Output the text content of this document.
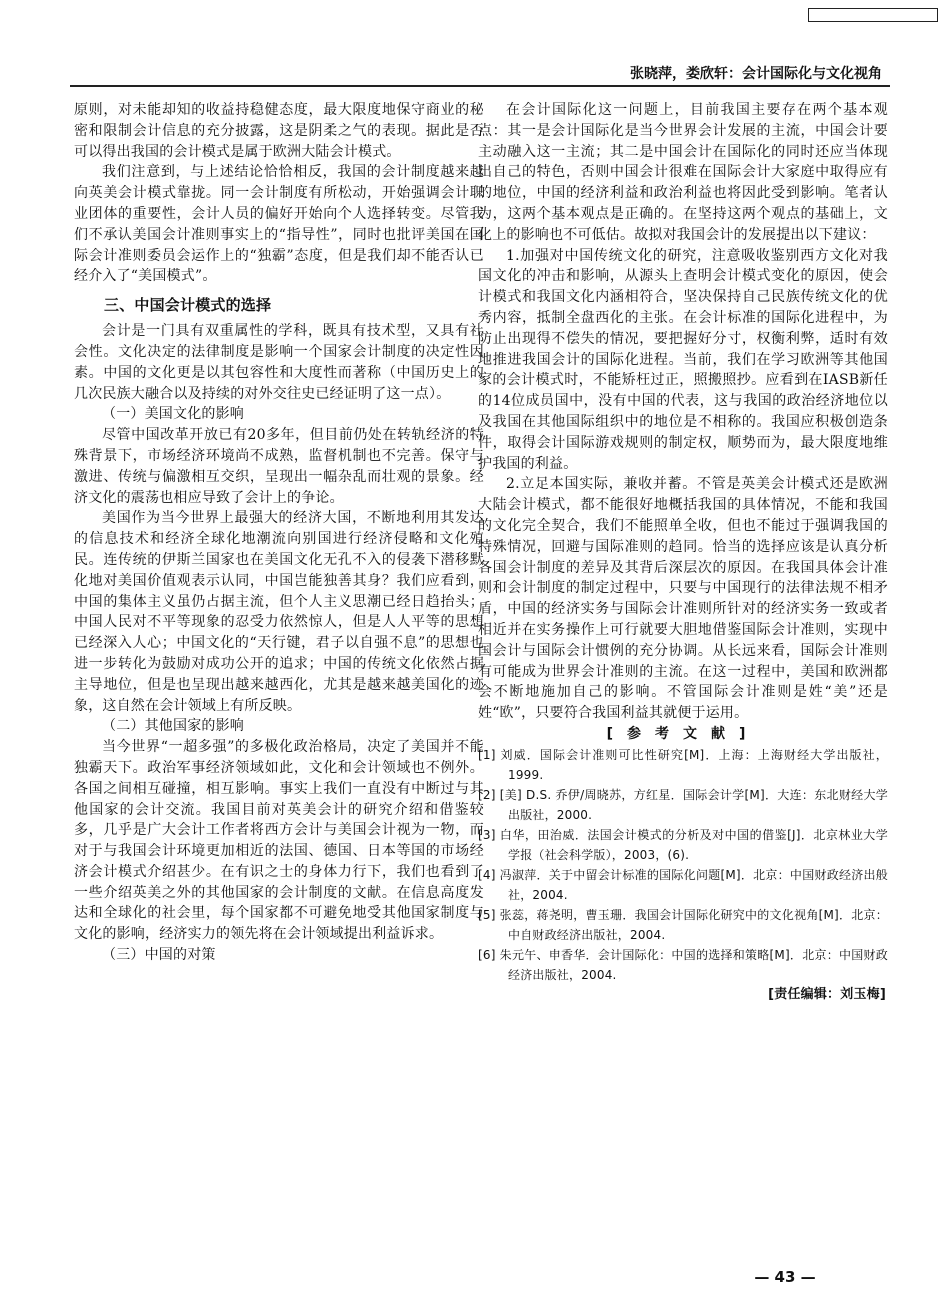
张晓萍，娄欣轩：会计国际化与文化视角

原则，对未能却知的收益持稳健态度，最大限度地保守商业的秘密和限制会计信息的充分披露，这是阴柔之气的表现。据此是否可以得出我国的会计模式是属于欧洲大陆会计模式。

我们注意到，与上述结论恰恰相反，我国的会计制度越来越向英美会计模式靠拢。同一会计制度有所松动，开始强调会计职业团体的重要性，会计人员的偏好开始向个人选择转变。尽管我们不承认美国会计准则事实上的“指导性”，同时也批评美国在国际会计准则委员会运作上的“独霸”态度，但是我们却不能否认已经介入了“美国模式”。

三、中国会计模式的选择

会计是一门具有双重属性的学科，既具有技术型，又具有社会性。文化决定的法律制度是影响一个国家会计制度的决定性因素。中国的文化更是以其包容性和大度性而著称（中国历史上的几次民族大融合以及持续的对外交往史已经证明了这一点）。

（一）美国文化的影响

尽管中国改革开放已有20多年，但目前仍处在转轨经济的特殊背景下，市场经济环境尚不成熟，监督机制也不完善。保守与激进、传统与偏激相互交织，呈现出一幅杂乱而壮观的景象。经济文化的震荡也相应导致了会计上的争论。

美国作为当今世界上最强大的经济大国，不断地利用其发达的信息技术和经济全球化地潮流向别国进行经济侵略和文化殖民。连传统的伊斯兰国家也在美国文化无孔不入的侵袭下潜移默化地对美国价值观表示认同，中国岂能独善其身？我们应看到，中国的集体主义虽仍占据主流，但个人主义思潮已经日趋抬头；中国人民对不平等现象的忍受力依然惊人，但是人人平等的思想已经深入人心；中国文化的“天行键，君子以自强不息”的思想也进一步转化为鼓励对成功公开的追求；中国的传统文化依然占据主导地位，但是也呈现出越来越西化，尤其是越来越美国化的迹象，这自然在会计领域上有所反映。

（二）其他国家的影响

当今世界“一超多强”的多极化政治格局，决定了美国并不能独霸天下。政治军事经济领域如此，文化和会计领域也不例外。各国之间相互碰撞，相互影响。事实上我们一直没有中断过与其他国家的会计交流。我国目前对英美会计的研究介绍和借鉴较多，几乎是广大会计工作者将西方会计与美国会计视为一物，而对于与我国会计环境更加相近的法国、德国、日本等国的市场经济会计模式介绍甚少。在有识之士的身体力行下，我们也看到了一些介绍英美之外的其他国家的会计制度的文献。在信息高度发达和全球化的社会里，每个国家都不可避免地受其他国家制度与文化的影响，经济实力的领先将在会计领域提出利益诉求。

（三）中国的对策

在会计国际化这一问题上，目前我国主要存在两个基本观点：其一是会计国际化是当今世界会计发展的主流，中国会计要主动融入这一主流；其二是中国会计在国际化的同时还应当体现出自己的特色，否则中国会计很难在国际会计大家庭中取得应有的地位，中国的经济利益和政治利益也将因此受到影响。笔者认为，这两个基本观点是正确的。在坚持这两个观点的基础上，文化上的影响也不可低估。故拟对我国会计的发展提出以下建议：

1.加强对中国传统文化的研究，注意吸收鉴别西方文化对我国文化的冲击和影响，从源头上查明会计模式变化的原因，使会计模式和我国文化内涵相符合，坚决保持自己民族传统文化的优秀内容，抵制全盘西化的主张。在会计标准的国际化进程中，为防止出现得不偿失的情况，要把握好分寸，权衡利弊，适时有效地推进我国会计的国际化进程。当前，我们在学习欧洲等其他国家的会计模式时，不能矫枉过正，照搬照抄。应看到在IASB新任的14位成员国中，没有中国的代表，这与我国的政治经济地位以及我国在其他国际组织中的地位是不相称的。我国应积极创造条件，取得会计国际游戏规则的制定权，顺势而为，最大限度地维护我国的利益。

2.立足本国实际，兼收并蓄。不管是英美会计模式还是欧洲大陆会计模式，都不能很好地概括我国的具体情况，不能和我国的文化完全契合，我们不能照单全收，但也不能过于强调我国的特殊情况，回避与国际准则的趋同。恰当的选择应该是认真分析各国会计制度的差异及其背后深层次的原因。在我国具体会计准则和会计制度的制定过程中，只要与中国现行的法律法规不相矛盾，中国的经济实务与国际会计准则所针对的经济实务一致或者相近并在实务操作上可行就要大胆地借鉴国际会计准则，实现中国会计与国际会计惯例的充分协调。从长远来看，国际会计准则有可能成为世界会计准则的主流。在这一过程中，美国和欧洲都会不断地施加自己的影响。不管国际会计准则是姓“美”还是姓“欧”，只要符合我国利益其就便于运用。

[参考文献]

[1] 刘威．国际会计准则可比性研究[M]．上海：上海财经大学出版社，1999.

[2] [美] D.S. 乔伊/周晓苏，方红星．国际会计学[M]．大连：东北财经大学出版社，2000.

[3] 白华，田治威．法国会计模式的分析及对中国的借鉴[J]．北京林业大学学报（社会科学版），2003，(6).

[4] 冯淑萍．关于中留会计标准的国际化问题[M]．北京：中国财政经济出般社，2004.

[5] 张蕊，蒋尧明，曹玉珊．我国会计国际化研究中的文化视角[M]．北京：中自财政经济出版社，2004.

[6] 朱元午、申香华．会计国际化：中国的选择和策略[M]．北京：中国财政经济出版社，2004.

[责任编辑：刘玉梅]

— 43 —
